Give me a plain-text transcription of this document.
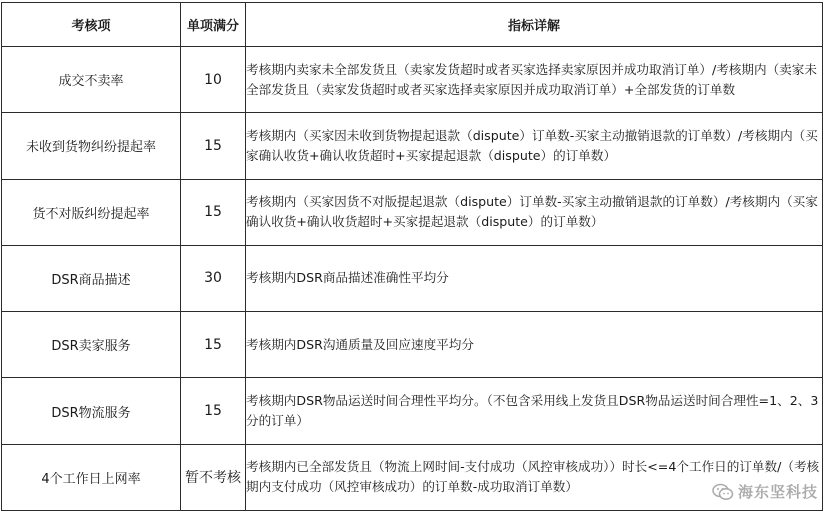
考核项	单项满分	指标详解
成交不卖率	10	考核期内卖家未全部发货且（卖家发货超时或者买家选择卖家原因并成功取消订单）/考核期内（卖家未全部发货且（卖家发货超时或者买家选择卖家原因并成功取消订单）+全部发货的订单数
未收到货物纠纷提起率	15	考核期内（买家因未收到货物提起退款（dispute）订单数-买家主动撤销退款的订单数）/考核期内（买家确认收货+确认收货超时+买家提起退款（dispute）的订单数）
货不对版纠纷提起率	15	考核期内（买家因货不对版提起退款（dispute）订单数-买家主动撤销退款的订单数）/考核期内（买家确认收货+确认收货超时+买家提起退款（dispute）的订单数）
DSR商品描述	30	考核期内DSR商品描述准确性平均分
DSR卖家服务	15	考核期内DSR沟通质量及回应速度平均分
DSR物流服务	15	考核期内DSR物品运送时间合理性平均分。（不包含采用线上发货且DSR物品运送时间合理性=1、2、3分的订单）
4个工作日上网率	暂不考核	考核期内已全部发货且（物流上网时间-支付成功（风控审核成功））时长<=4个工作日的订单数/（考核期内支付成功（风控审核成功）的订单数-成功取消订单数） 海东坚科技
